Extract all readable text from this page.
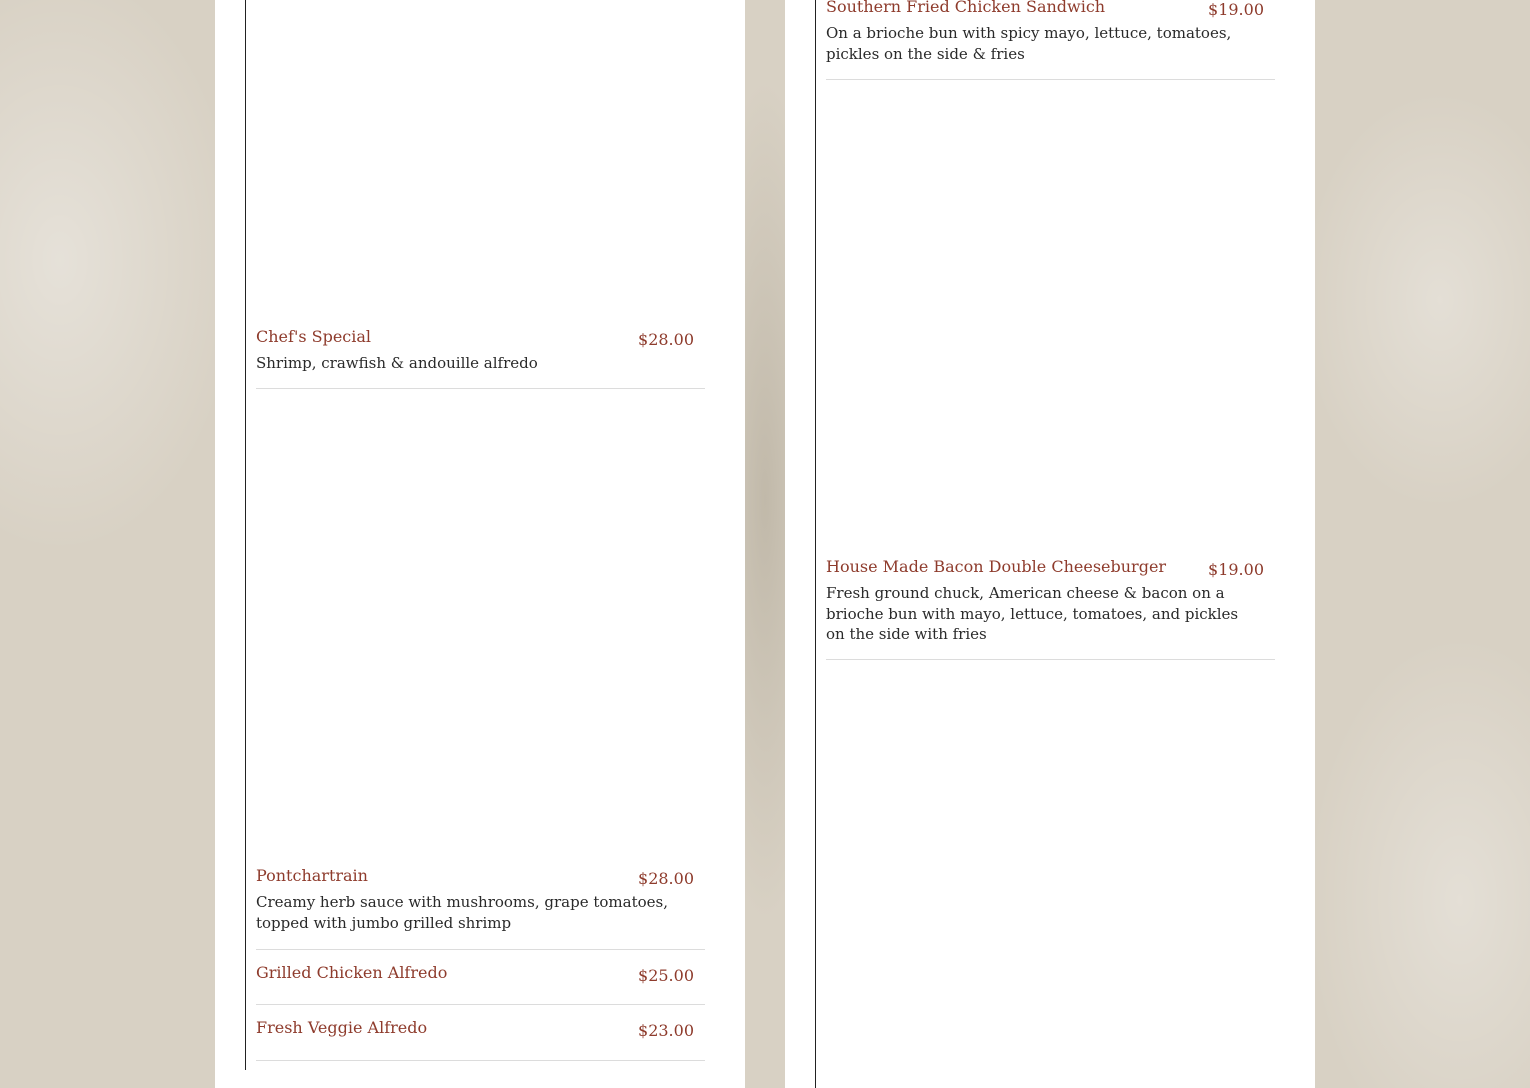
Chef's Special	$28.00
Shrimp, crawfish & andouille alfredo
Pontchartrain	$28.00
Creamy herb sauce with mushrooms, grape tomatoes, topped with jumbo grilled shrimp
Grilled Chicken Alfredo	$25.00
Fresh Veggie Alfredo	$23.00
Southern Fried Chicken Sandwich	$19.00
On a brioche bun with spicy mayo, lettuce, tomatoes, pickles on the side & fries
House Made Bacon Double Cheeseburger	$19.00
Fresh ground chuck, American cheese & bacon on a brioche bun with mayo, lettuce, tomatoes, and pickles on the side with fries
